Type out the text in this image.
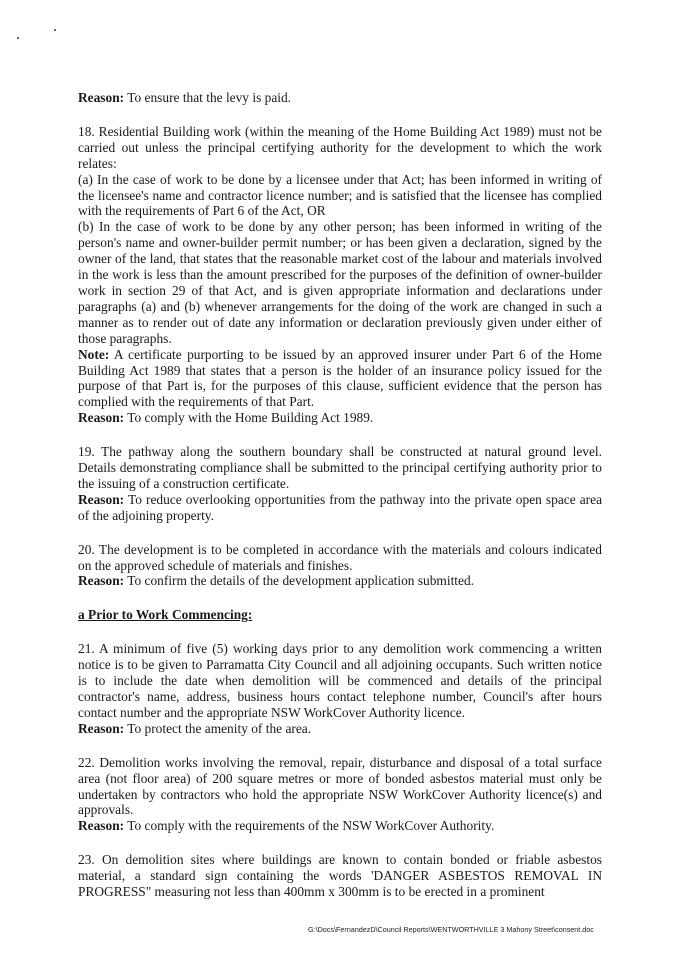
Reason: To ensure that the levy is paid.

18. Residential Building work (within the meaning of the Home Building Act 1989) must not be carried out unless the principal certifying authority for the development to which the work relates:

(a) In the case of work to be done by a licensee under that Act; has been informed in writing of the licensee's name and contractor licence number; and is satisfied that the licensee has complied with the requirements of Part 6 of the Act, OR

(b) In the case of work to be done by any other person; has been informed in writing of the person's name and owner-builder permit number; or has been given a declaration, signed by the owner of the land, that states that the reasonable market cost of the labour and materials involved in the work is less than the amount prescribed for the purposes of the definition of owner-builder work in section 29 of that Act, and is given appropriate information and declarations under paragraphs (a) and (b) whenever arrangements for the doing of the work are changed in such a manner as to render out of date any information or declaration previously given under either of those paragraphs.

Note: A certificate purporting to be issued by an approved insurer under Part 6 of the Home Building Act 1989 that states that a person is the holder of an insurance policy issued for the purpose of that Part is, for the purposes of this clause, sufficient evidence that the person has complied with the requirements of that Part.

Reason: To comply with the Home Building Act 1989.

19. The pathway along the southern boundary shall be constructed at natural ground level. Details demonstrating compliance shall be submitted to the principal certifying authority prior to the issuing of a construction certificate.

Reason: To reduce overlooking opportunities from the pathway into the private open space area of the adjoining property.

20. The development is to be completed in accordance with the materials and colours indicated on the approved schedule of materials and finishes.

Reason: To confirm the details of the development application submitted.

a Prior to Work Commencing:

21. A minimum of five (5) working days prior to any demolition work commencing a written notice is to be given to Parramatta City Council and all adjoining occupants. Such written notice is to include the date when demolition will be commenced and details of the principal contractor's name, address, business hours contact telephone number, Council's after hours contact number and the appropriate NSW WorkCover Authority licence.

Reason: To protect the amenity of the area.

22. Demolition works involving the removal, repair, disturbance and disposal of a total surface area (not floor area) of 200 square metres or more of bonded asbestos material must only be undertaken by contractors who hold the appropriate NSW WorkCover Authority licence(s) and approvals.

Reason: To comply with the requirements of the NSW WorkCover Authority.

23. On demolition sites where buildings are known to contain bonded or friable asbestos material, a standard sign containing the words 'DANGER ASBESTOS REMOVAL IN PROGRESS" measuring not less than 400mm x 300mm is to be erected in a prominent

G:\Docs\FernandezD\Council Reports\WENTWORTHVILLE 3 Mahony Street\consent.doc
